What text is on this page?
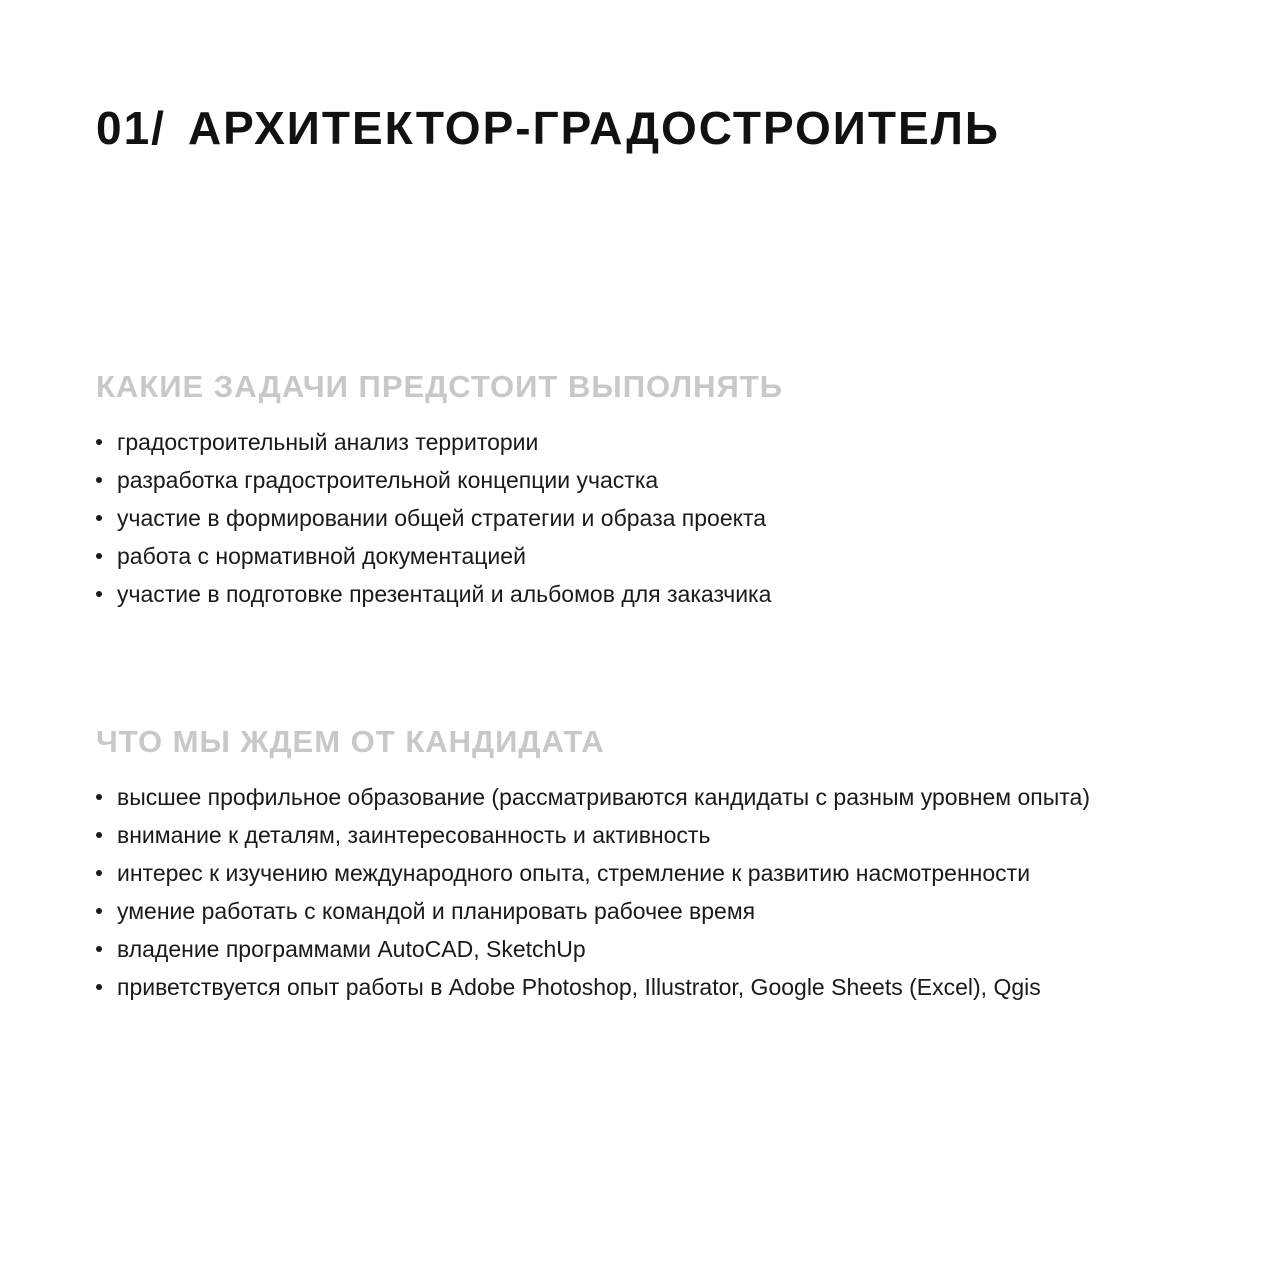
01/ АРХИТЕКТОР-ГРАДОСТРОИТЕЛЬ
КАКИЕ ЗАДАЧИ ПРЕДСТОИТ ВЫПОЛНЯТЬ
градостроительный анализ территории
разработка градостроительной концепции участка
участие в формировании общей стратегии и образа проекта
работа с нормативной документацией
участие в подготовке презентаций и альбомов для заказчика
ЧТО МЫ ЖДЕМ ОТ КАНДИДАТА
высшее профильное образование (рассматриваются кандидаты с разным уровнем опыта)
внимание к деталям, заинтересованность и активность
интерес к изучению международного опыта, стремление к развитию насмотренности
умение работать с командой и планировать рабочее время
владение программами AutoCAD, SketchUp
приветствуется опыт работы в Adobe Photoshop, Illustrator, Google Sheets (Excel), Qgis
